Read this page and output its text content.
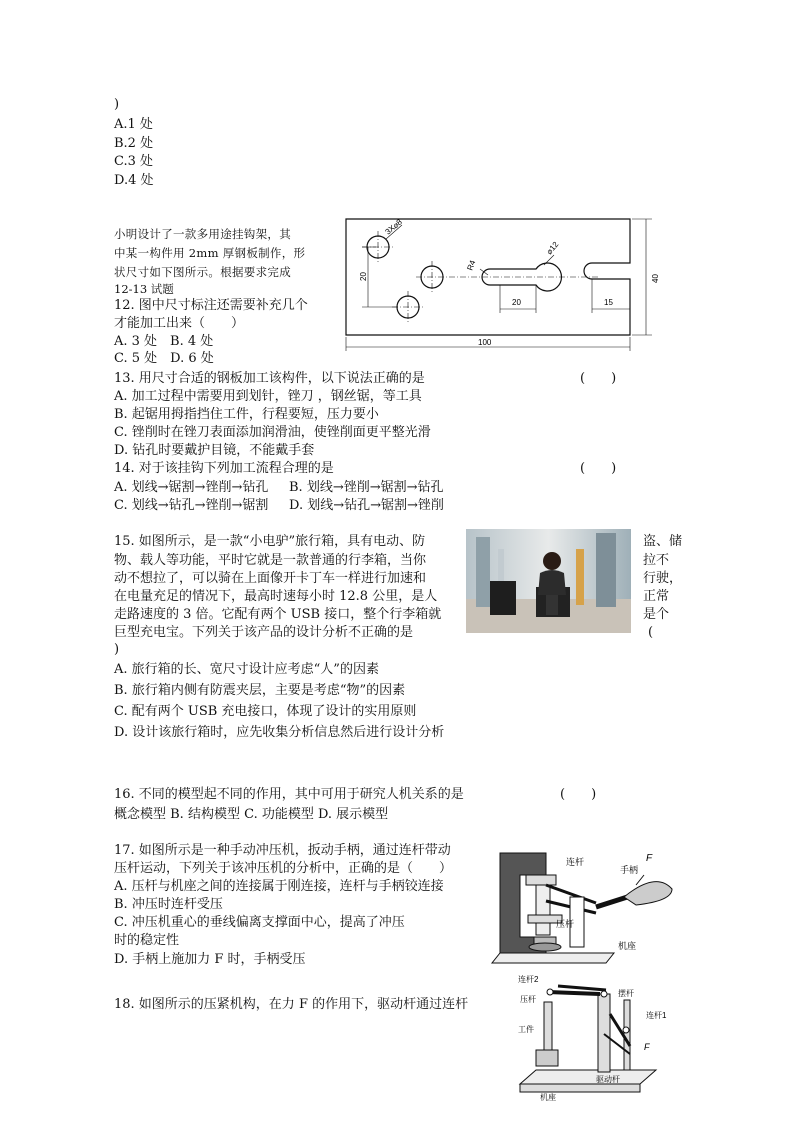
)
A.1 处
B.2 处
C.3 处
D.4 处
小明设计了一款多用途挂钩架，其
中某一构件用 2mm 厚钢板制作，形
状尺寸如下图所示。根据要求完成
12-13 试题
3X⌀8
20
R4
⌀12
20	15
40
100
12. 图中尺寸标注还需要补充几个
才能加工出来（　　）
A. 3 处　B. 4 处
C. 5 处　D. 6 处
13. 用尺寸合适的钢板加工该构件，以下说法正确的是	(　　)
A. 加工过程中需要用到划针，锉刀 ，钢丝锯，等工具
B. 起锯用拇指挡住工件，行程要短，压力要小
C. 锉削时在锉刀表面添加润滑油，使锉削面更平整光滑
D. 钻孔时要戴护目镜，不能戴手套
14. 对于该挂钩下列加工流程合理的是	(　　)
A. 划线→锯割→锉削→钻孔 B. 划线→锉削→锯割→钻孔
C. 划线→钻孔→锉削→锯割 D. 划线→钻孔→锯割→锉削
15. 如图所示，是一款“小电驴”旅行箱，具有电动、防
物、载人等功能，平时它就是一款普通的行李箱，当你
动不想拉了，可以骑在上面像开卡丁车一样进行加速和
在电量充足的情况下，最高时速每小时 12.8 公里，是人
走路速度的 3 倍。它配有两个 USB 接口，整个行李箱就
巨型充电宝。下列关于该产品的设计分析不正确的是
)
盗、储
拉不
行驶，
正常
是个
(
A. 旅行箱的长、宽尺寸设计应考虑“人”的因素
B. 旅行箱内侧有防震夹层，主要是考虑“物”的因素
C. 配有两个 USB 充电接口，体现了设计的实用原则
D. 设计该旅行箱时，应先收集分析信息然后进行设计分析
16. 不同的模型起不同的作用，其中可用于研究人机关系的是	(　　)
概念模型 B. 结构模型 C. 功能模型 D. 展示模型
17. 如图所示是一种手动冲压机，扳动手柄，通过连杆带动
压杆运动，下列关于该冲压机的分析中，正确的是（　　）
A. 压杆与机座之间的连接属于刚连接，连杆与手柄铰连接
B. 冲压时连杆受压
C. 冲压机重心的垂线偏离支撑面中心，提高了冲压
时的稳定性
D. 手柄上施加力 F 时，手柄受压
连杆
手柄
F
压杆
机座
18. 如图所示的压紧机构，在力 F 的作用下，驱动杆通过连杆
连杆2
摆杆
压杆
连杆1
工件
F
驱动杆
机座
